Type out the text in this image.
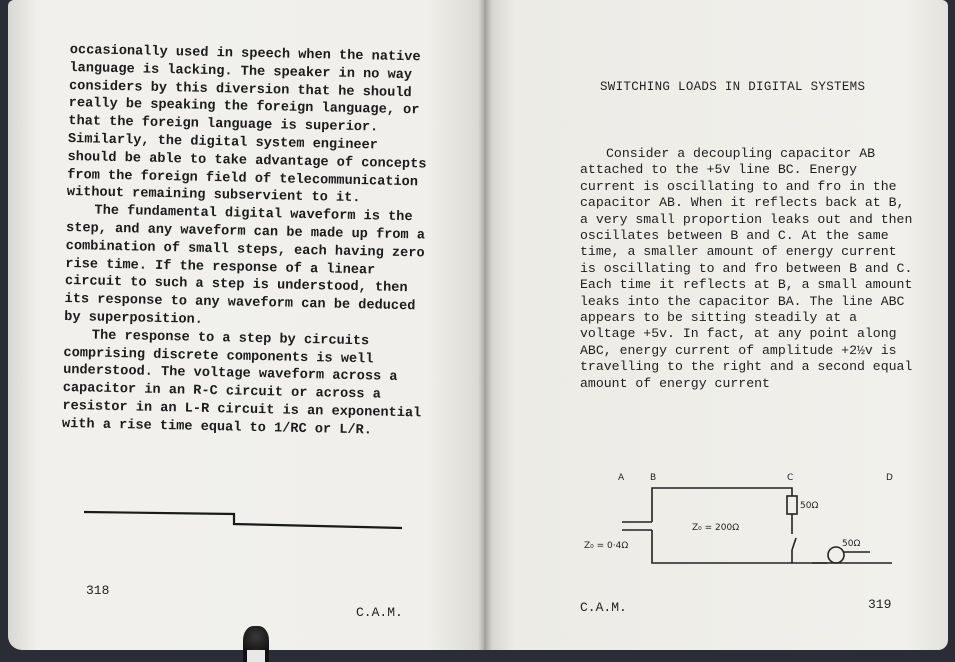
occasionally used in speech when the native language is lacking. The speaker in no way considers by this diversion that he should really be speaking the foreign language, or that the foreign language is superior. Similarly, the digital system engineer should be able to take advantage of concepts from the foreign field of telecommunication without remaining subservient to it.

The fundamental digital waveform is the step, and any waveform can be made up from a combination of small steps, each having zero rise time. If the response of a linear circuit to such a step is understood, then its response to any waveform can be deduced by superposition.

The response to a step by circuits comprising discrete components is well understood. The voltage waveform across a capacitor in an R-C circuit or across a resistor in an L-R circuit is an exponential with a rise time equal to 1/RC or L/R.

318
C.A.M.
SWITCHING LOADS IN DIGITAL SYSTEMS

Consider a decoupling capacitor AB attached to the +5v line BC. Energy current is oscillating to and fro in the capacitor AB. When it reflects back at B, a very small proportion leaks out and then oscillates between B and C. At the same time, a smaller amount of energy current is oscillating to and fro between B and C. Each time it reflects at B, a small amount leaks into the capacitor BA. The line ABC appears to be sitting steadily at a voltage +5v. In fact, at any point along ABC, energy current of amplitude +2½v is travelling to the right and a second equal amount of energy current

A	B	C	D
50Ω
50Ω
Z₀ = 200Ω
Z₀ = 0·4Ω
C.A.M.	319
